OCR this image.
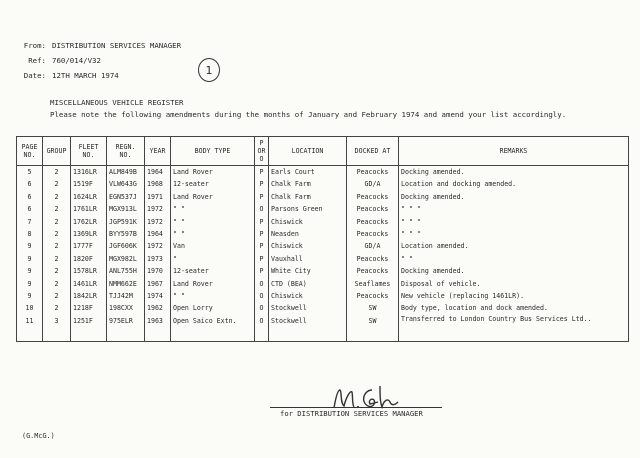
From: DISTRIBUTION SERVICES MANAGER
Ref: 760/014/V32
Date: 12TH MARCH 1974	1
MISCELLANEOUS VEHICLE REGISTER
Please note the following amendments during the months of January and February 1974 and amend your list accordingly.
PAGE NO.	GROUP	FLEET NO.	REGN. NO.	YEAR	BODY TYPE	P OR O	LOCATION	DOCKED AT	REMARKS
5	2	1316LR	ALM849B	1964	Land Rover	P	Earls Court	Peacocks	Docking amended.
6	2	1519F	VLW643G	1968	12-seater	P	Chalk Farm	GD/A	Location and docking amended.
6	2	1624LR	EGN537J	1971	Land Rover	P	Chalk Farm	Peacocks	Docking amended.
6	2	1761LR	MGX913L	1972	" "	O	Parsons Green	Peacocks	" " "
7	2	1762LR	JGP591K	1972	" "	P	Chiswick	Peacocks	" " "
8	2	1369LR	BYY597B	1964	" "	P	Neasden	Peacocks	" " "
9	2	1777F	JGF606K	1972	Van	P	Chiswick	GD/A	Location amended.
9	2	1820F	MGX982L	1973	"	P	Vauxhall	Peacocks	" "
9	2	1578LR	ANL755H	1970	12-seater	P	White City	Peacocks	Docking amended.
9	2	1461LR	NMM662E	1967	Land Rover	O	CTD (BEA)	Seaflames	Disposal of vehicle.
9	2	1842LR	TJJ42M	1974	" "	O	Chiswick	Peacocks	New vehicle (replacing 1461LR).
10	2	1218F	198CXX	1962	Open Lorry	O	Stockwell	SW	Body type, location and dock amended.
11	3	1251F	975ELR	1963	Open Saico Extn.	O	Stockwell	SW	Transferred to London Country Bus Services Ltd..
for DISTRIBUTION SERVICES MANAGER
(G.McG.)
